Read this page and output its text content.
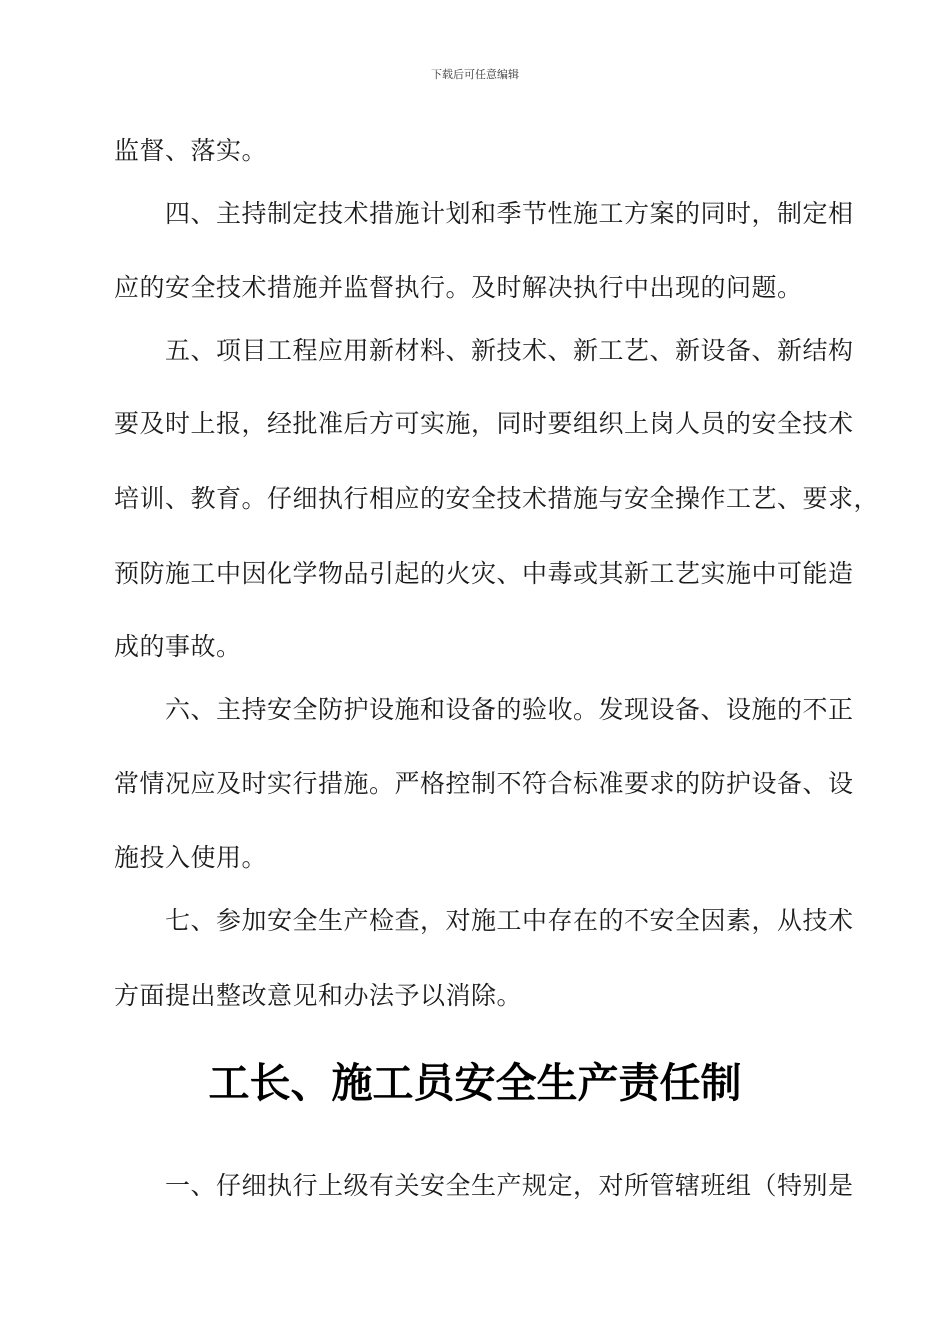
下载后可任意编辑
监督、落实。
四、主持制定技术措施计划和季节性施工方案的同时，制定相
应的安全技术措施并监督执行。及时解决执行中出现的问题。
五、项目工程应用新材料、新技术、新工艺、新设备、新结构
要及时上报，经批准后方可实施，同时要组织上岗人员的安全技术
培训、教育。仔细执行相应的安全技术措施与安全操作工艺、要求，
预防施工中因化学物品引起的火灾、中毒或其新工艺实施中可能造
成的事故。
六、主持安全防护设施和设备的验收。发现设备、设施的不正
常情况应及时实行措施。严格控制不符合标准要求的防护设备、设
施投入使用。
七、参加安全生产检查，对施工中存在的不安全因素，从技术
方面提出整改意见和办法予以消除。
工长、施工员安全生产责任制
一、仔细执行上级有关安全生产规定，对所管辖班组（特别是
